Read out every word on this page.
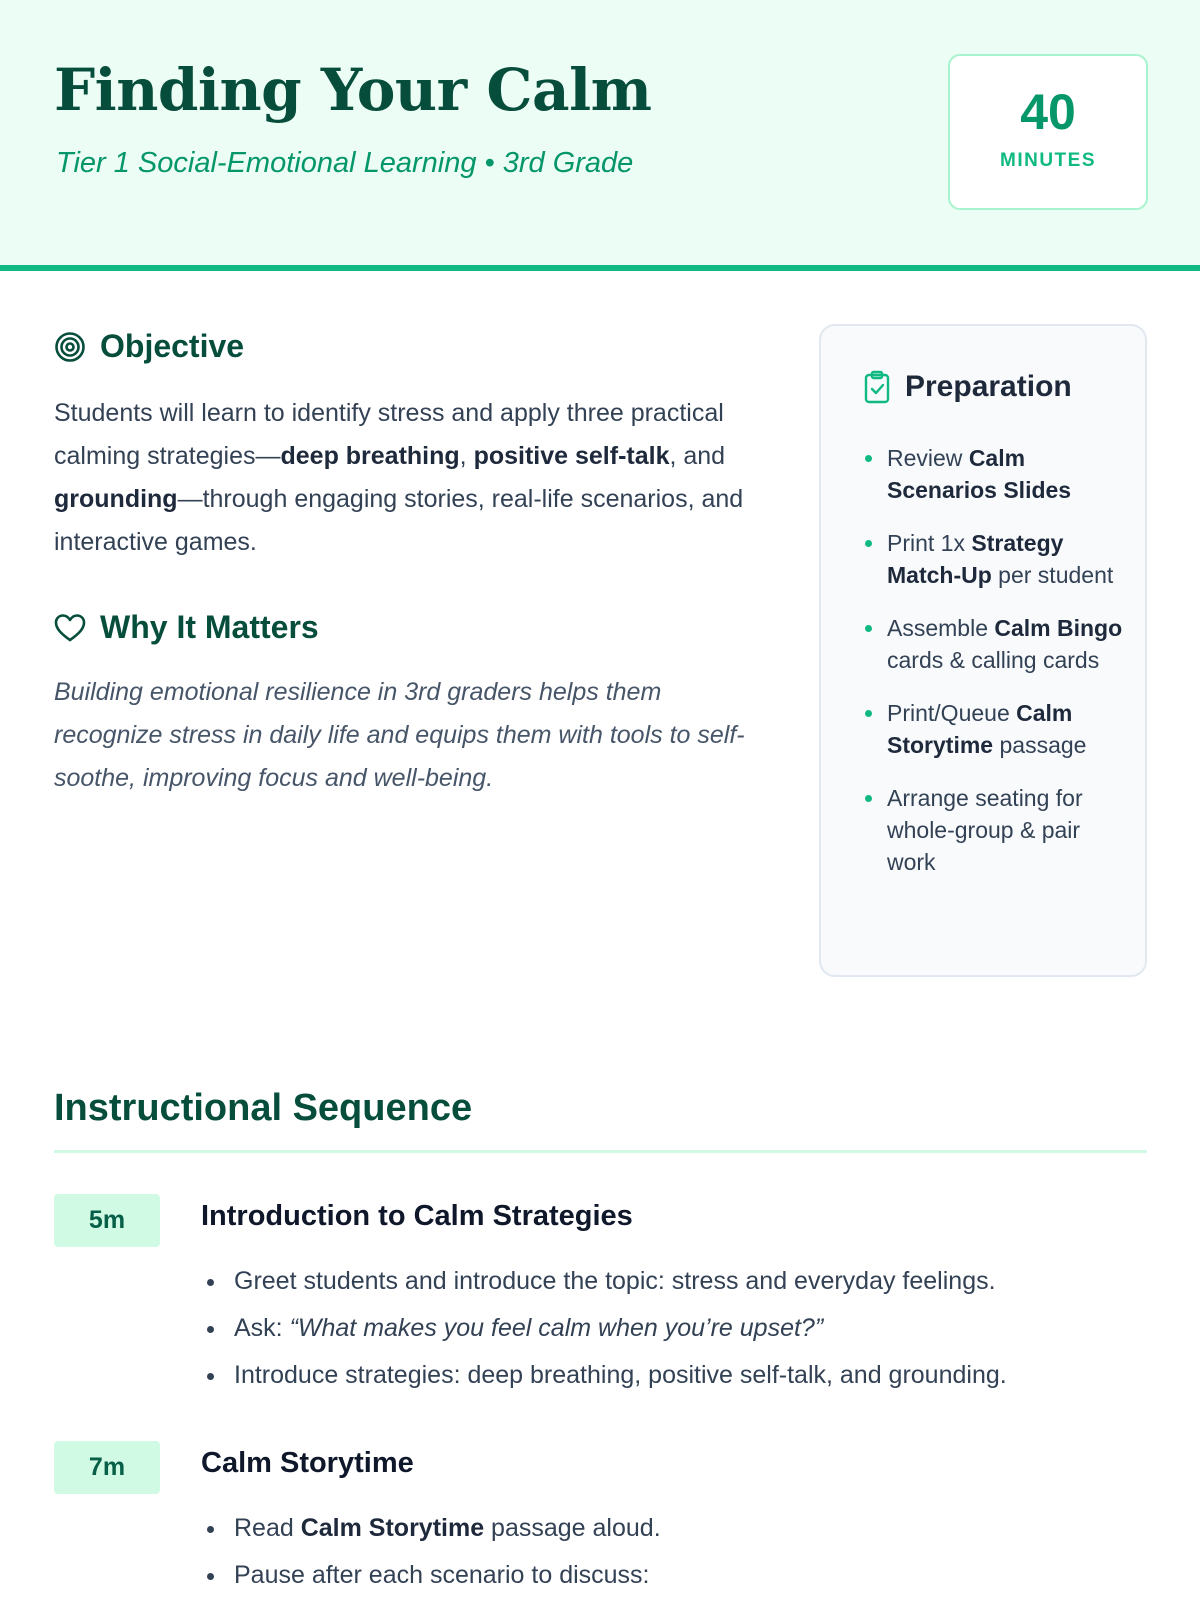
Finding Your Calm
Tier 1 Social-Emotional Learning • 3rd Grade
40
MINUTES
Objective

Students will learn to identify stress and apply three practical calming strategies—deep breathing, positive self-talk, and grounding—through engaging stories, real-life scenarios, and interactive games.

Why It Matters

Building emotional resilience in 3rd graders helps them recognize stress in daily life and equips them with tools to self-soothe, improving focus and well-being.

Preparation
Review Calm Scenarios Slides
Print 1x Strategy Match-Up per student
Assemble Calm Bingo cards & calling cards
Print/Queue Calm Storytime passage
Arrange seating for whole-group & pair work
Instructional Sequence
5m	Introduction to Calm Strategies
Greet students and introduce the topic: stress and everyday feelings.
Ask: “What makes you feel calm when you’re upset?”
Introduce strategies: deep breathing, positive self-talk, and grounding.
7m	Calm Storytime
Read Calm Storytime passage aloud.
Pause after each scenario to discuss:
